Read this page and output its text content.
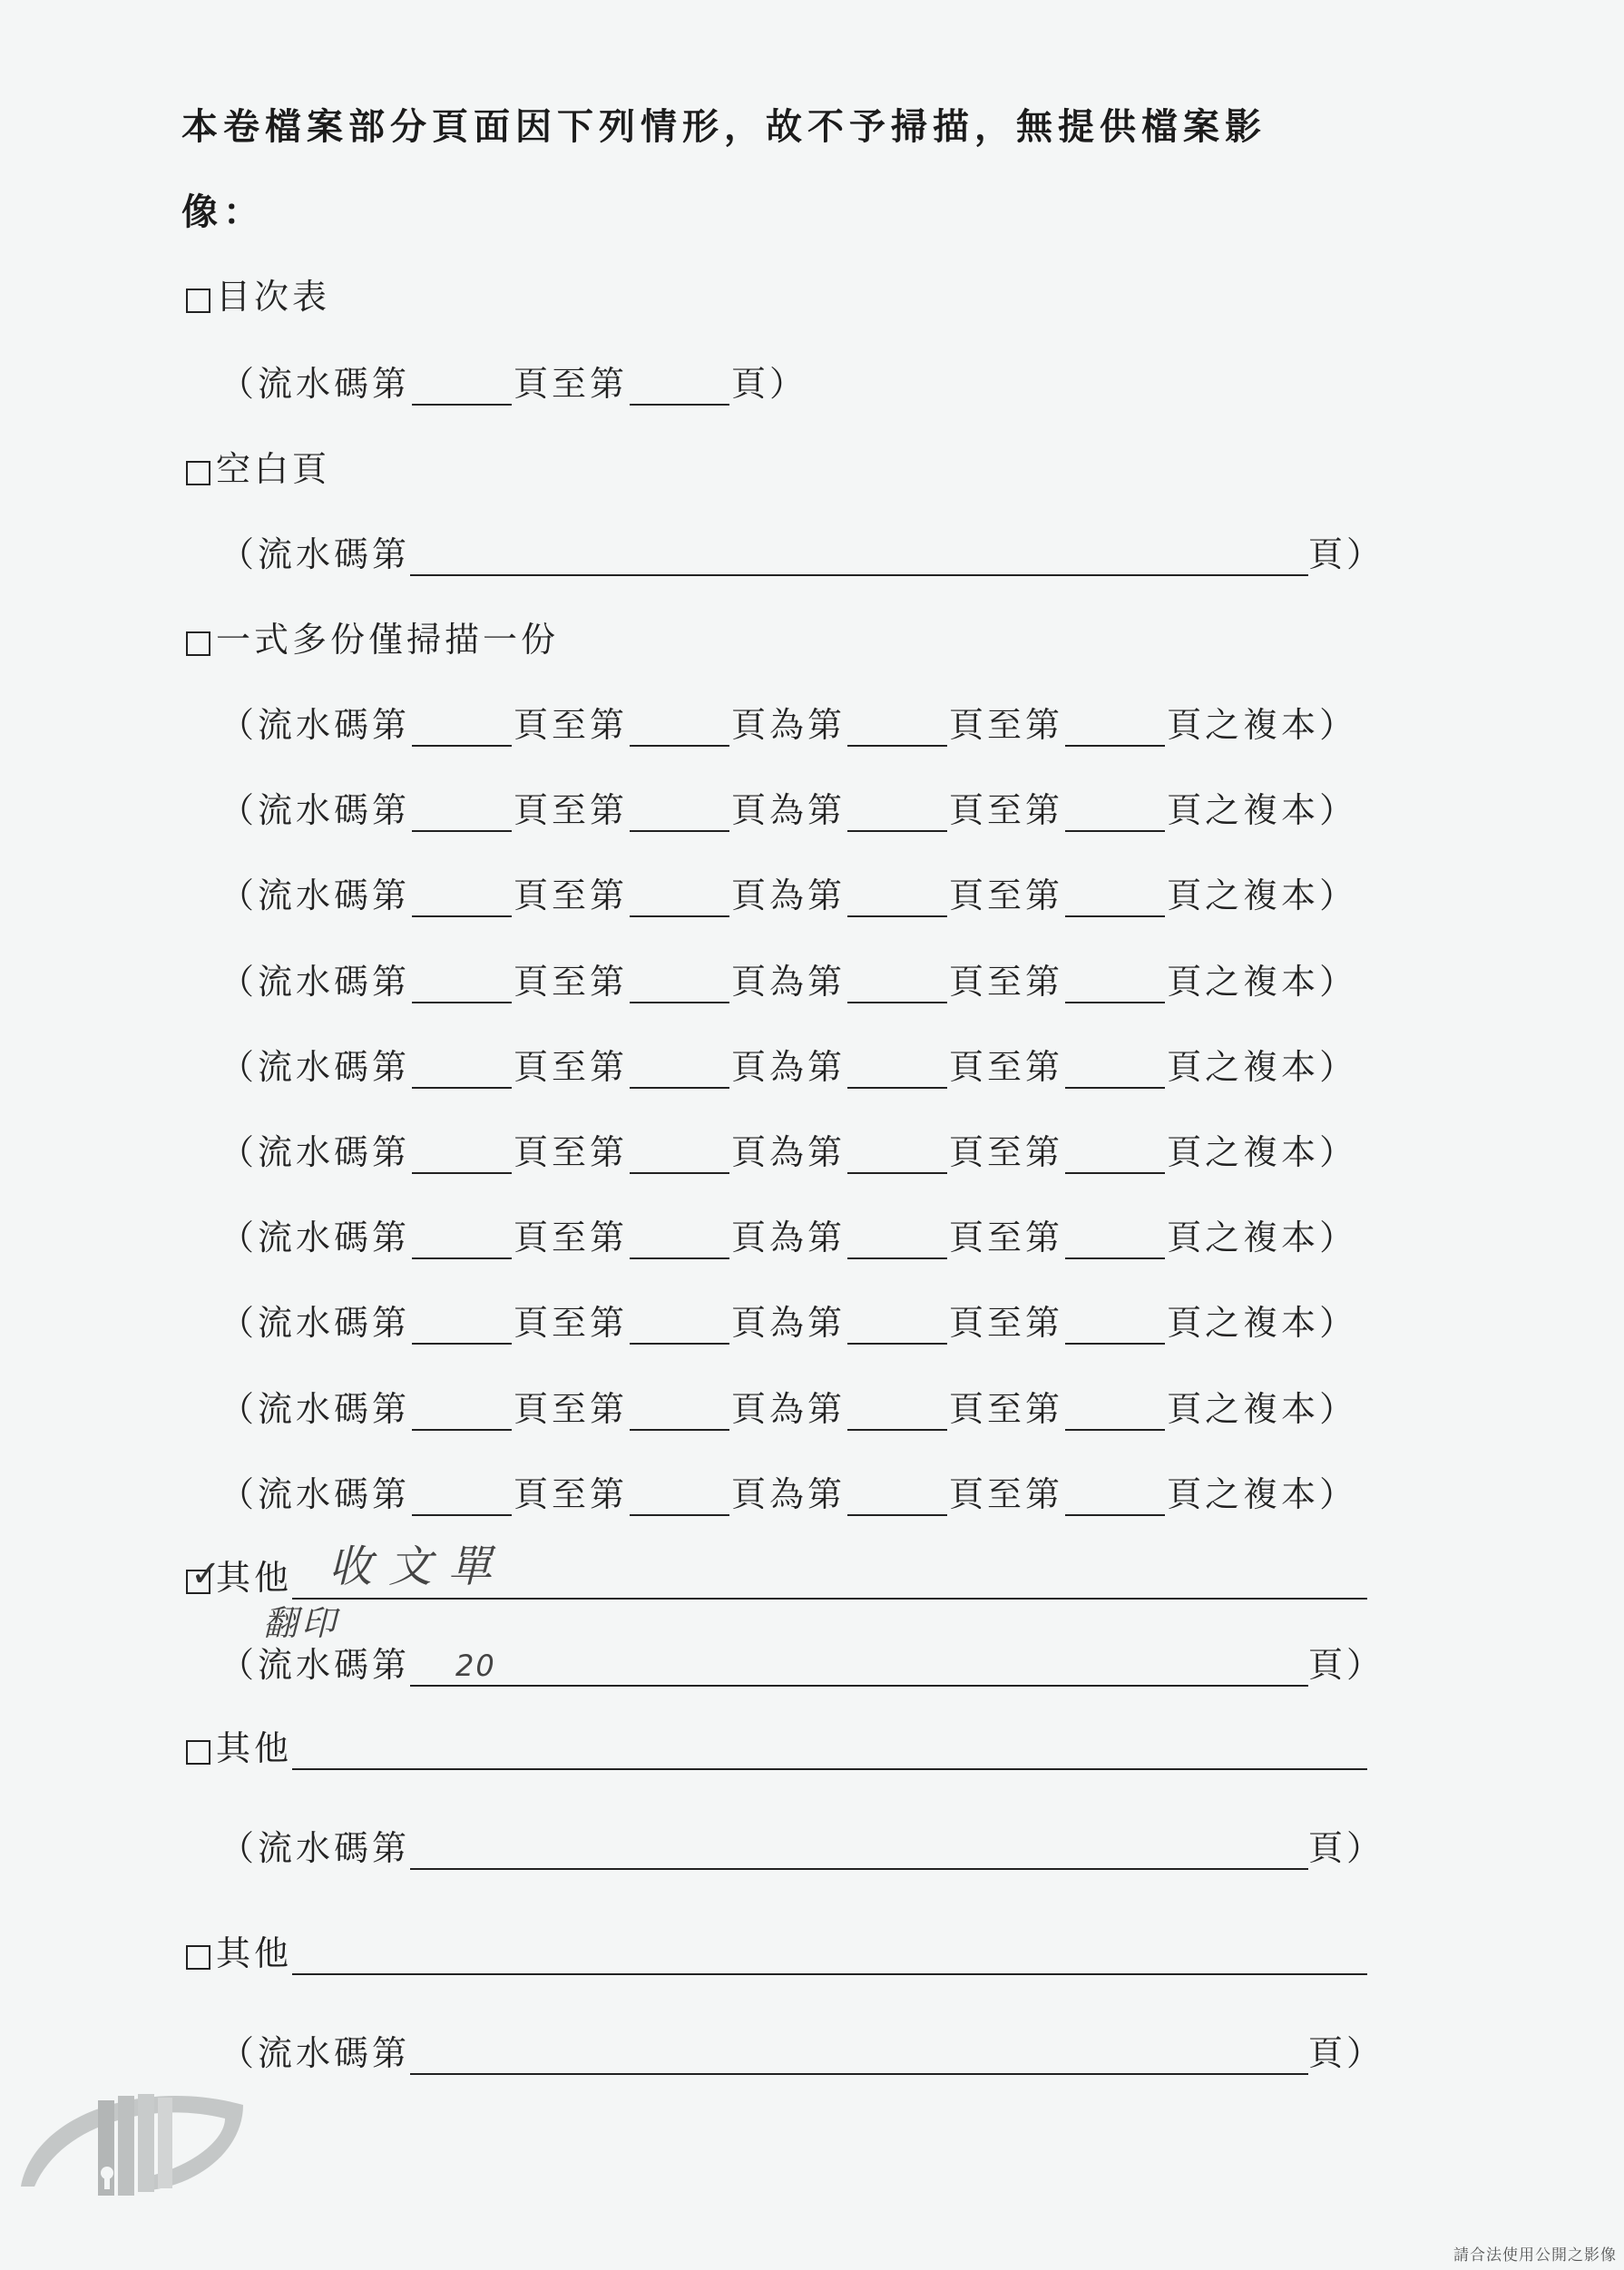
本卷檔案部分頁面因下列情形，故不予掃描，無提供檔案影
像：
目次表
（流水碼第	頁至第	頁）
空白頁
（流水碼第	頁）
一式多份僅掃描一份
（流水碼第	頁至第	頁為第	頁至第	頁之複本）
（流水碼第	頁至第	頁為第	頁至第	頁之複本）
（流水碼第	頁至第	頁為第	頁至第	頁之複本）
（流水碼第	頁至第	頁為第	頁至第	頁之複本）
（流水碼第	頁至第	頁為第	頁至第	頁之複本）
（流水碼第	頁至第	頁為第	頁至第	頁之複本）
（流水碼第	頁至第	頁為第	頁至第	頁之複本）
（流水碼第	頁至第	頁為第	頁至第	頁之複本）
（流水碼第	頁至第	頁為第	頁至第	頁之複本）
（流水碼第	頁至第	頁為第	頁至第	頁之複本）
✓
其他 收文單
翻印
（流水碼第 20	頁）
其他
（流水碼第	頁）
其他
（流水碼第	頁）
請合法使用公開之影像
